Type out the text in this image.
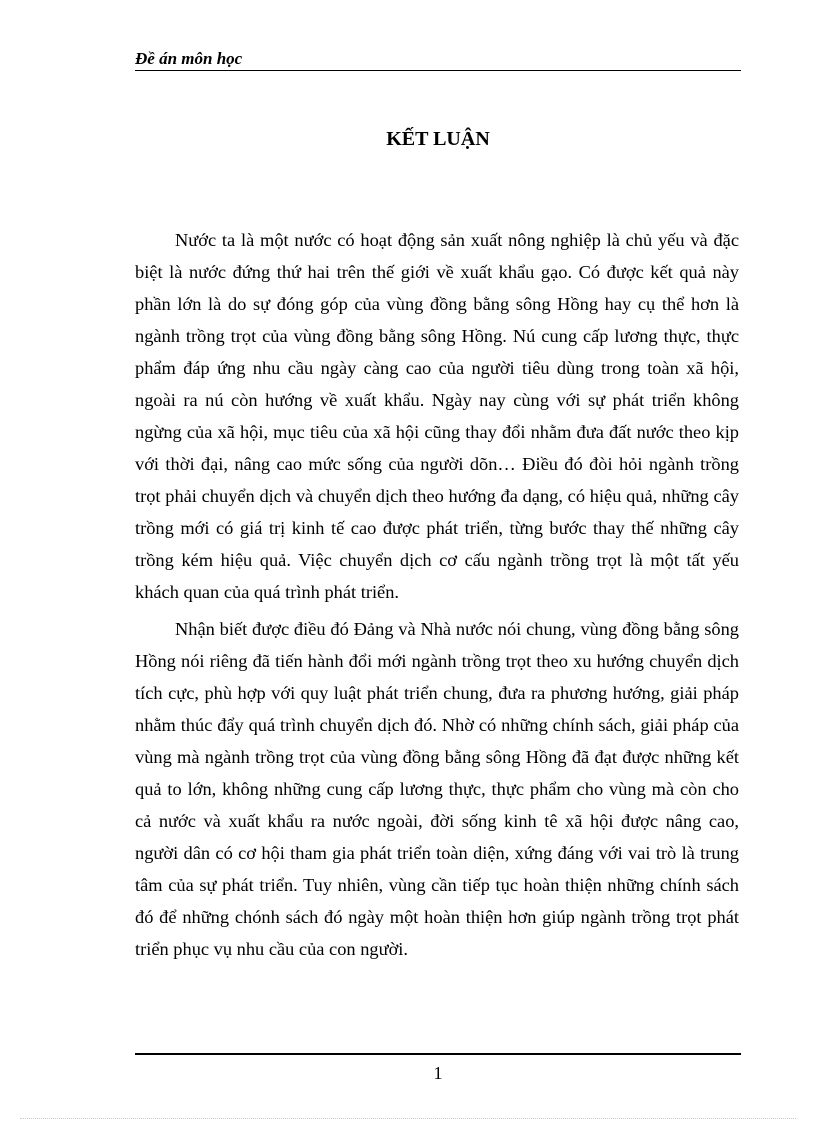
Đề án môn học
KẾT LUẬN

Nước ta là một nước có hoạt động sản xuất nông nghiệp là chủ yếu và đặc biệt là nước đứng thứ hai trên thế giới về xuất khẩu gạo. Có được kết quả này phần lớn là do sự đóng góp của vùng đồng bằng sông Hồng hay cụ thể hơn là ngành trồng trọt của vùng đồng bằng sông Hồng. Nú cung cấp lương thực, thực phẩm đáp ứng nhu cầu ngày càng cao của người tiêu dùng trong toàn xã hội, ngoài ra nú còn hướng về xuất khẩu. Ngày nay cùng với sự phát triển không ngừng của xã hội, mục tiêu của xã hội cũng thay đổi nhằm đưa đất nước theo kịp với thời đại, nâng cao mức sống của người dõn… Điều đó đòi hỏi ngành trồng trọt phải chuyển dịch và chuyển dịch theo hướng đa dạng, có hiệu quả, những cây trồng mới có giá trị kinh tế cao được phát triển, từng bước thay thế những cây trồng kém hiệu quả. Việc chuyển dịch cơ cấu ngành trồng trọt là một tất yếu khách quan của quá trình phát triển.

Nhận biết được điều đó Đảng và Nhà nước nói chung, vùng đồng bằng sông Hồng nói riêng đã tiến hành đổi mới ngành trồng trọt theo xu hướng chuyển dịch tích cực, phù hợp với quy luật phát triển chung, đưa ra phương hướng, giải pháp nhằm thúc đẩy quá trình chuyển dịch đó. Nhờ có những chính sách, giải pháp của vùng mà ngành trồng trọt của vùng đồng bằng sông Hồng đã đạt được những kết quả to lớn, không những cung cấp lương thực, thực phẩm cho vùng mà còn cho cả nước và xuất khẩu ra nước ngoài, đời sống kinh tê xã hội được nâng cao, người dân có cơ hội tham gia phát triển toàn diện, xứng đáng với vai trò là trung tâm của sự phát triển. Tuy nhiên, vùng cần tiếp tục hoàn thiện những chính sách đó để những chónh sách đó ngày một hoàn thiện hơn giúp ngành trồng trọt phát triển phục vụ nhu cầu của con người.

1
